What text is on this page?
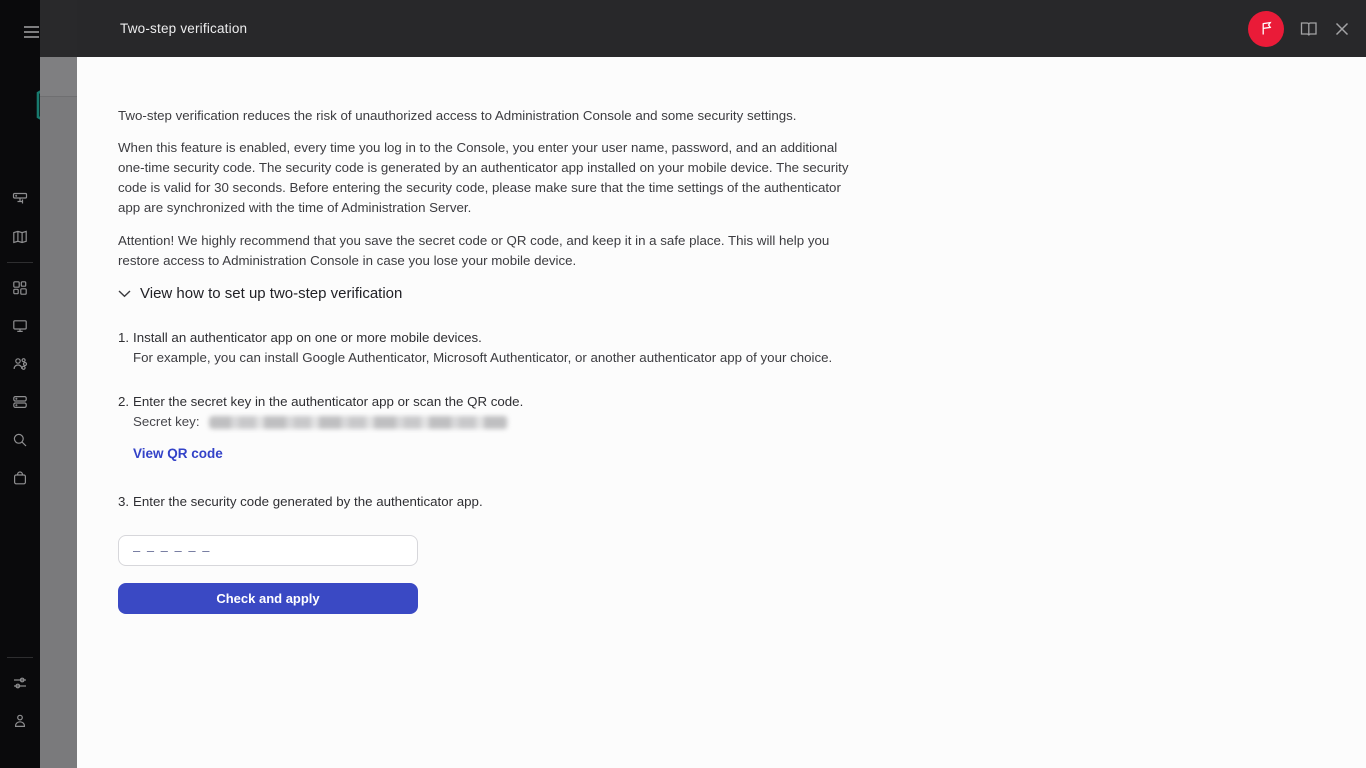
Two-step verification

Two-step verification reduces the risk of unauthorized access to Administration Console and some security settings.

When this feature is enabled, every time you log in to the Console, you enter your user name, password, and an additional one-time security code. The security code is generated by an authenticator app installed on your mobile device. The security code is valid for 30 seconds. Before entering the security code, please make sure that the time settings of the authenticator app are synchronized with the time of Administration Server.

Attention! We highly recommend that you save the secret code or QR code, and keep it in a safe place. This will help you restore access to Administration Console in case you lose your mobile device.

View how to set up two-step verification
1. Install an authenticator app on one or more mobile devices.
For example, you can install Google Authenticator, Microsoft Authenticator, or another authenticator app of your choice.
2. Enter the secret key in the authenticator app or scan the QR code.
Secret key:
View QR code
3. Enter the security code generated by the authenticator app.
– – – – – –
Check and apply
